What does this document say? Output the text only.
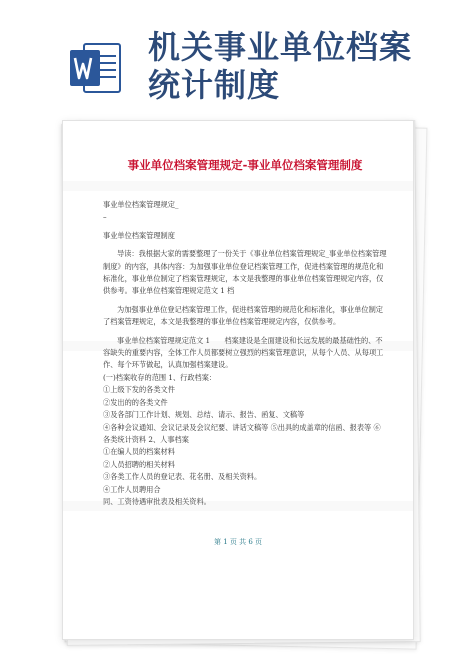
机关事业单位档案
统计制度
事业单位档案管理规定-事业单位档案管理制度

事业单位档案管理规定_

–

事业单位档案管理制度

导读：我根据大家的需要整理了一份关于《事业单位档案管理规定_事业单位档案管理制度》的内容，具体内容：为加强事业单位登记档案管理工作，促进档案管理的规范化和标准化，事业单位制定了档案管理规定，本文是我整理的事业单位档案管理规定内容，仅供参考。事业单位档案管理规定范文 1 档

为加强事业单位登记档案管理工作，促进档案管理的规范化和标准化，事业单位制定了档案管理规定，本文是我整理的事业单位档案管理规定内容，仅供参考。

事业单位档案管理规定范文 1　　档案建设是全面建设和长远发展的最基础性的、不容缺失的重要内容，全体工作人员都要树立强烈的档案管理意识，从每个人员、从每项工作、每个环节做起，认真加强档案建设。

(一)档案收存的范围 1、行政档案：

①上级下发的各类文件

②发出的的各类文件

③及各部门工作计划、规划、总结、请示、报告、函复、文稿等

④各种会议通知、会议记录及会议纪要、讲话文稿等 ⑤出具的成盖章的信函、报表等 ⑥各类统计资料 2、人事档案

①在编人员的档案材料

②人员招聘的相关材料

③各类工作人员的登记表、花名册、及相关资料。

④工作人员聘用合

同、工资待遇审批表及相关资料。

第 1 页 共 6 页
